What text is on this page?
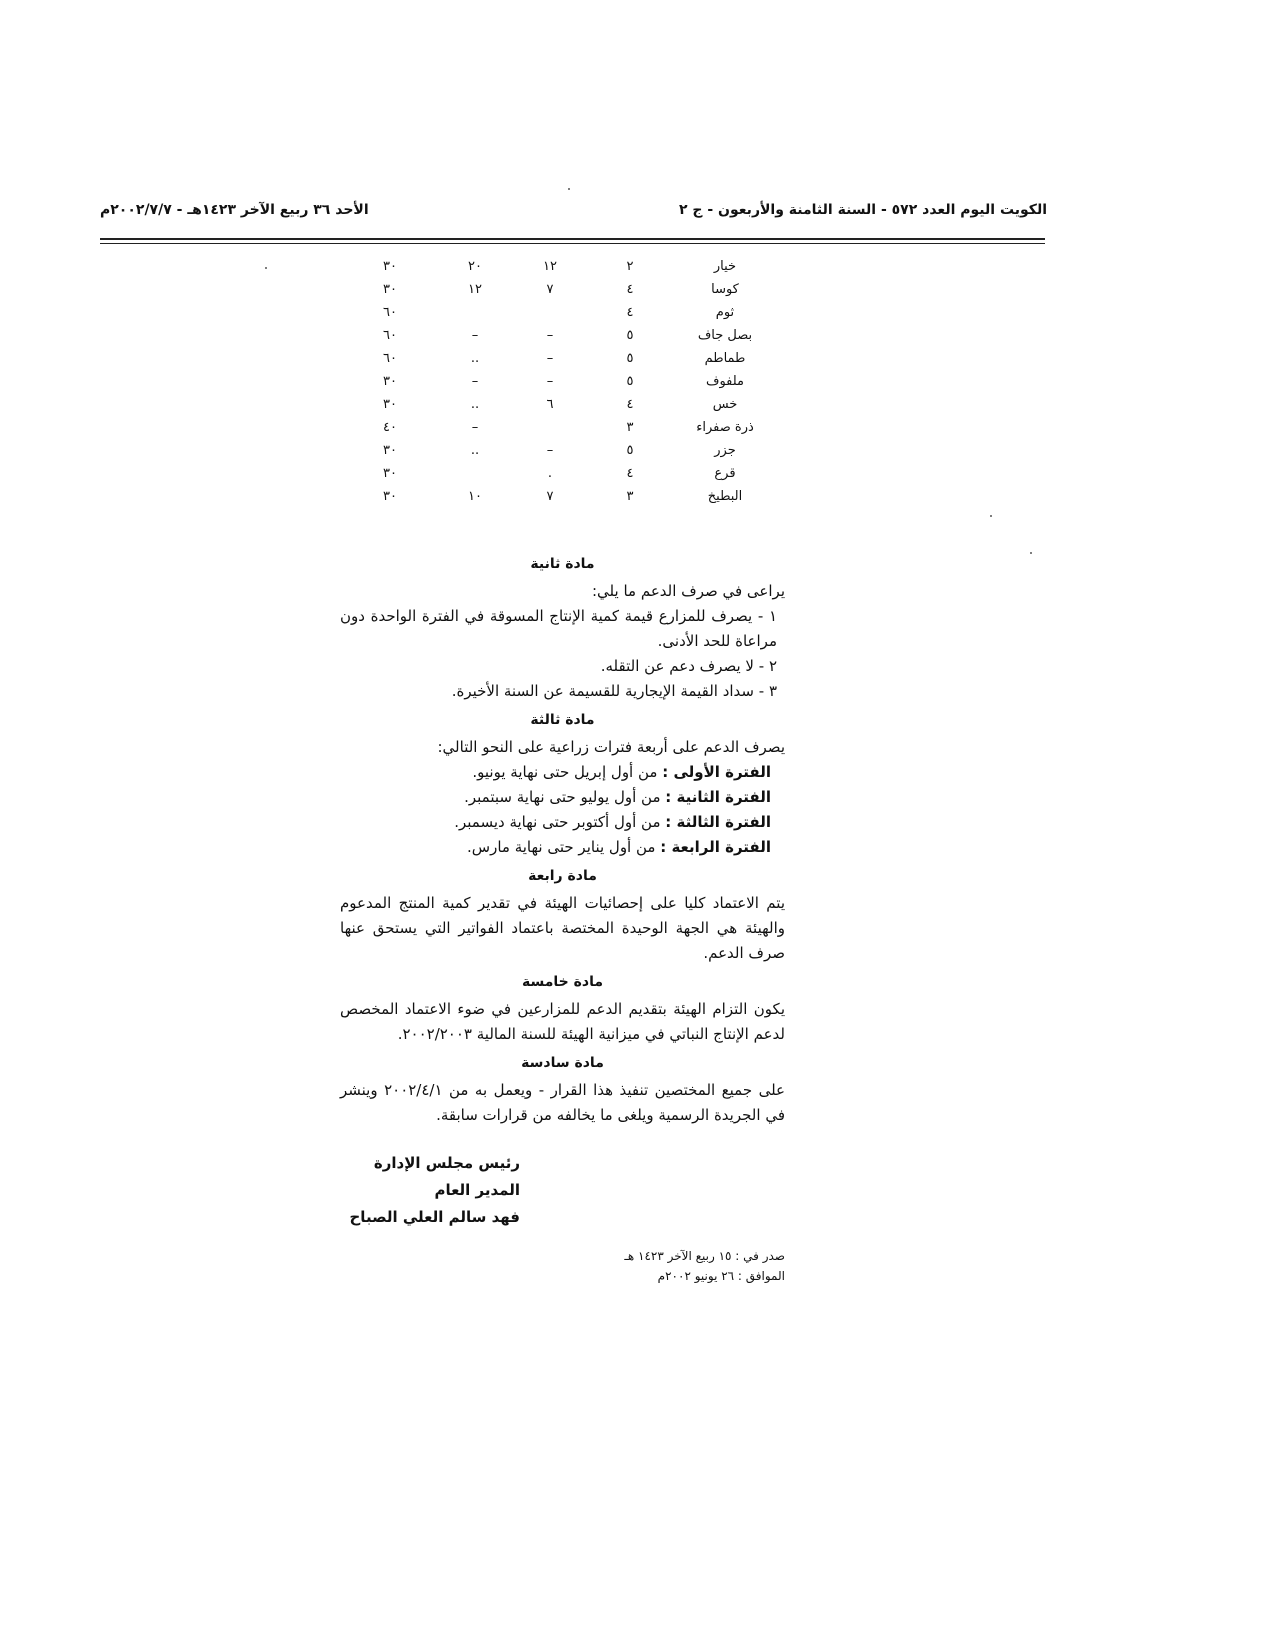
الكويت اليوم العدد ٥٧٢ - السنة الثامنة والأربعون - ج ٢
الأحد ٣٦ ربيع الآخر ١٤٢٣هـ - ٢٠٠٢/٧/٧م
خيار	٢	١٢	٢٠	٣٠
كوسا	٤	٧	١٢	٣٠
ثوم	٤			٦٠
بصل جاف	٥	–	–	٦٠
طماطم	٥	–	..	٦٠
ملفوف	٥	–	–	٣٠
خس	٤	٦	..	٣٠
ذرة صفراء	٣		–	٤٠
جزر	٥	–	..	٣٠
قرع	٤	.		٣٠
البطيخ	٣	٧	١٠	٣٠
مادة ثانية

يراعى في صرف الدعم ما يلي:

١ - يصرف للمزارع قيمة كمية الإنتاج المسوقة في الفترة الواحدة دون مراعاة للحد الأدنى.

٢ - لا يصرف دعم عن التقله.

٣ - سداد القيمة الإيجارية للقسيمة عن السنة الأخيرة.

مادة ثالثة

يصرف الدعم على أربعة فترات زراعية على النحو التالي:

الفترة الأولى : من أول إبريل حتى نهاية يونيو.

الفترة الثانية : من أول يوليو حتى نهاية سبتمبر.

الفترة الثالثة : من أول أكتوبر حتى نهاية ديسمبر.

الفترة الرابعة : من أول يناير حتى نهاية مارس.

مادة رابعة

يتم الاعتماد كليا على إحصائيات الهيئة في تقدير كمية المنتج المدعوم والهيئة هي الجهة الوحيدة المختصة باعتماد الفواتير التي يستحق عنها صرف الدعم.

مادة خامسة

يكون التزام الهيئة بتقديم الدعم للمزارعين في ضوء الاعتماد المخصص لدعم الإنتاج النباتي في ميزانية الهيئة للسنة المالية ٢٠٠٢/٢٠٠٣.

مادة سادسة

على جميع المختصين تنفيذ هذا القرار - ويعمل به من ٢٠٠٢/٤/١ وينشر في الجريدة الرسمية ويلغى ما يخالفه من قرارات سابقة.

رئيس مجلس الإدارة
المدير العام
فهد سالم العلي الصباح
صدر في : ١٥ ربيع الآخر ١٤٢٣ هـ
الموافق : ٢٦ يونيو ٢٠٠٢م
